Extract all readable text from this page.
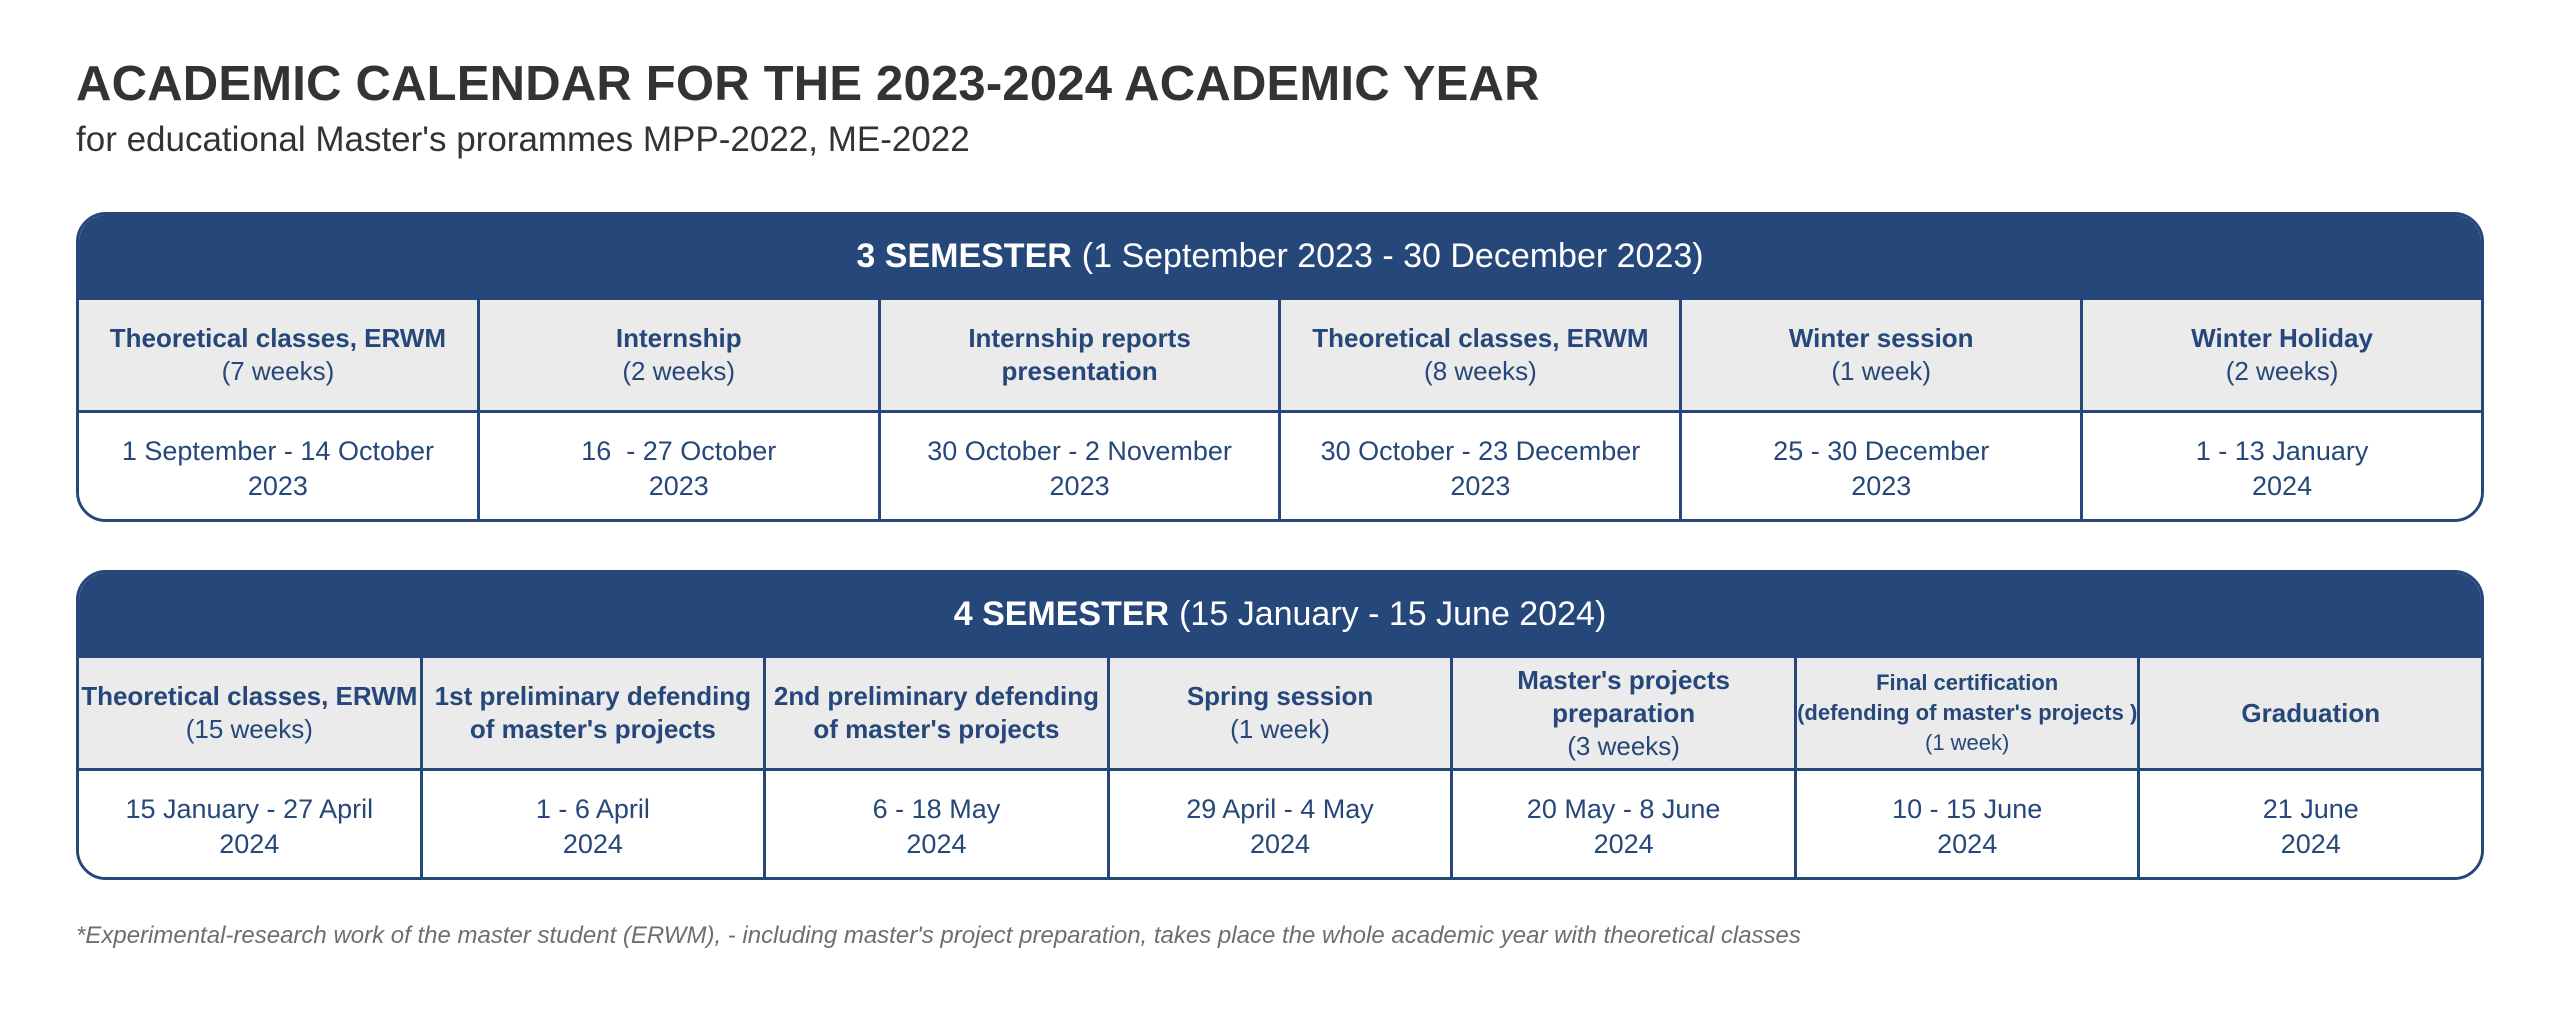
ACADEMIC CALENDAR FOR THE 2023-2024 ACADEMIC YEAR
for educational Master's prorammes MPP-2022, ME-2022
3 SEMESTER (1 September 2023 - 30 December 2023)
Theoretical classes, ERWM
(7 weeks)
Internship
(2 weeks)
Internship reports
presentation
Theoretical classes, ERWM
(8 weeks)
Winter session
(1 week)
Winter Holiday
(2 weeks)
1 September - 14 October
2023
16  - 27 October
2023
30 October - 2 November
2023
30 October - 23 December
2023
25 - 30 December
2023
1 - 13 January
2024
4 SEMESTER (15 January - 15 June 2024)
Theoretical classes, ERWM
(15 weeks)
1st preliminary defending
of master's projects
2nd preliminary defending
of master's projects
Spring session
(1 week)
Master's projects
preparation
(3 weeks)
Final certification
(defending of master's projects )
(1 week)
Graduation
15 January - 27 April
2024
1 - 6 April
2024
6 - 18 May
2024
29 April - 4 May
2024
20 May - 8 June
2024
10 - 15 June
2024
21 June
2024

*Experimental-research work of the master student (ERWM), - including master's project preparation, takes place the whole academic year with theoretical classes
